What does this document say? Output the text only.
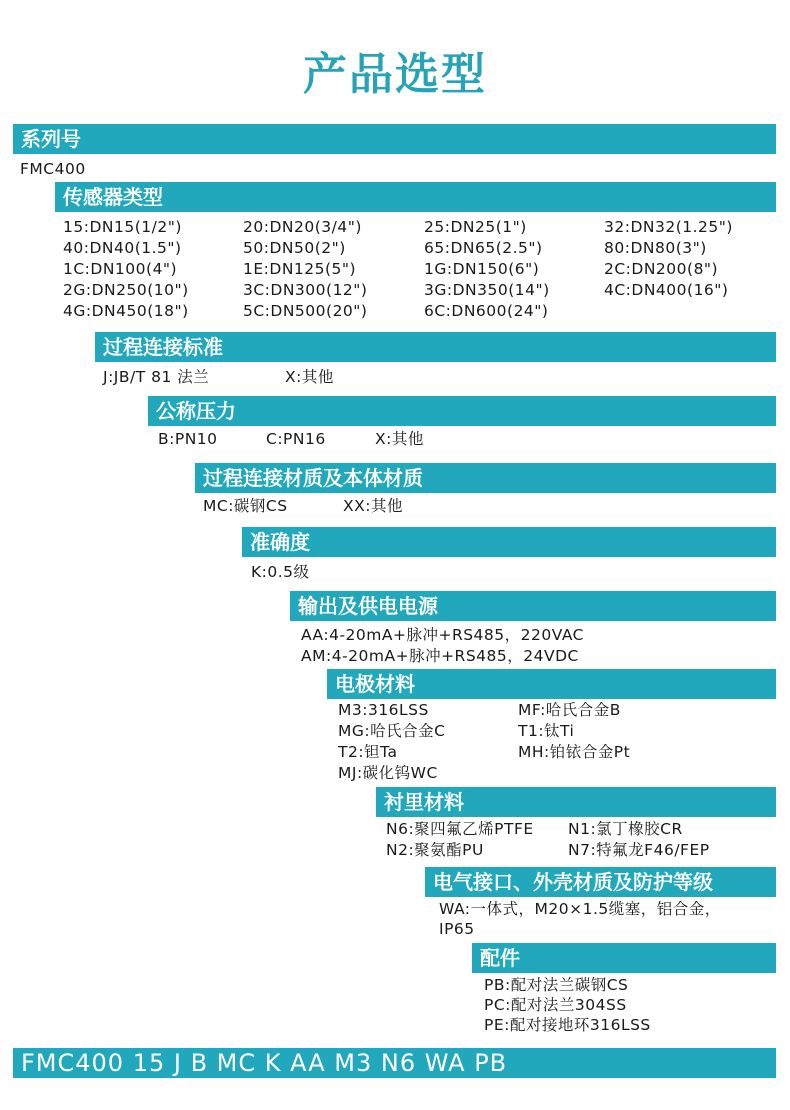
产品选型
系列号
FMC400
传感器类型
15:DN15(1/2")	20:DN20(3/4")	25:DN25(1")	32:DN32(1.25")
40:DN40(1.5")	50:DN50(2")	65:DN65(2.5")	80:DN80(3")
1C:DN100(4")	1E:DN125(5")	1G:DN150(6")	2C:DN200(8")
2G:DN250(10")	3C:DN300(12")	3G:DN350(14")	4C:DN400(16")
4G:DN450(18")	5C:DN500(20")	6C:DN600(24")
过程连接标准
J:JB/T 81 法兰	X:其他
公称压力
B:PN10	C:PN16	X:其他
过程连接材质及本体材质
MC:碳钢CS	XX:其他
准确度
K:0.5级
输出及供电电源
AA:4-20mA+脉冲+RS485，220VAC
AM:4-20mA+脉冲+RS485，24VDC
电极材料
M3:316LSS	MF:哈氏合金B
MG:哈氏合金C	T1:钛Ti
T2:钽Ta	MH:铂铱合金Pt
MJ:碳化钨WC
衬里材料
N6:聚四氟乙烯PTFE N1:氯丁橡胶CR
N2:聚氨酯PU	N7:特氟龙F46/FEP
电气接口、外壳材质及防护等级
WA:一体式，M20×1.5缆塞，铝合金，
IP65
配件
PB:配对法兰碳钢CS
PC:配对法兰304SS
PE:配对接地环316LSS
FMC400 15 J B MC K AA M3 N6 WA PB
